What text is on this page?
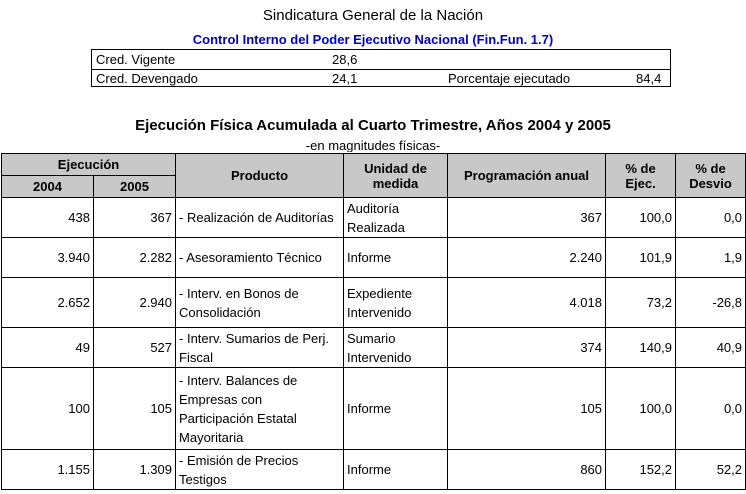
Sindicatura General de la Nación
Control Interno del Poder Ejecutivo Nacional (Fin.Fun. 1.7)
Cred. Vigente	28,6
Cred. Devengado	24,1	Porcentaje ejecutado	84,4
Ejecución Física Acumulada al Cuarto Trimestre, Años 2004 y 2005
-en magnitudes físicas-
Ejecución		Producto	Unidad de medida	Programación anual	% de Ejec.	% de Desvio
2004	2005					
438	367	- Realización de Auditorías	Auditoría Realizada	367	100,0	0,0
3.940	2.282	- Asesoramiento Técnico	Informe	2.240	101,9	1,9
2.652	2.940	- Interv. en Bonos de Consolidación	Expediente Intervenido	4.018	73,2	-26,8
49	527	- Interv. Sumarios de Perj. Fiscal	Sumario Intervenido	374	140,9	40,9
100	105	- Interv. Balances de Empresas con Participación Estatal Mayoritaria	Informe	105	100,0	0,0
1.155	1.309	- Emisión de Precios Testigos	Informe	860	152,2	52,2
